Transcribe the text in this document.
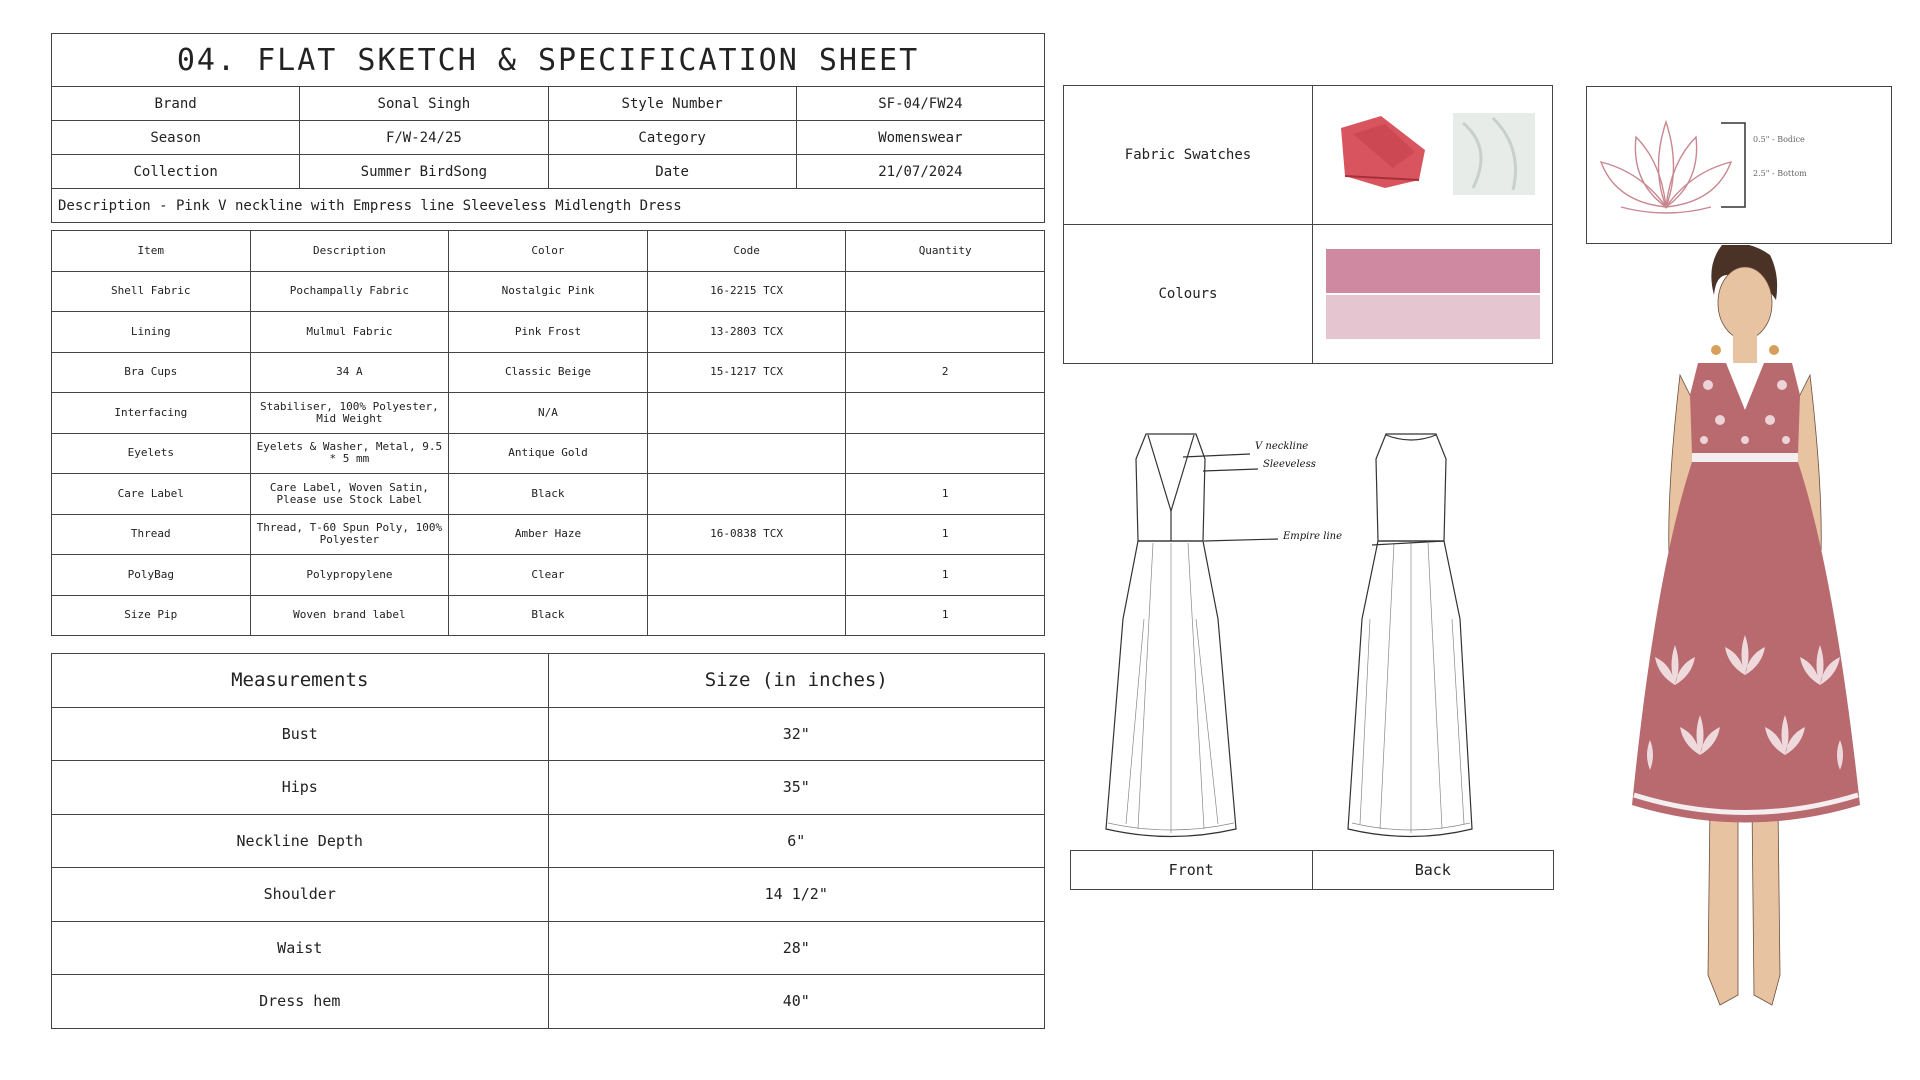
04. FLAT SKETCH & SPECIFICATION SHEET
Brand	Sonal Singh	Style Number	SF-04/FW24
Season	F/W-24/25	Category	Womenswear
Collection	Summer BirdSong	Date	21/07/2024
Description - Pink V neckline with Empress line Sleeveless Midlength Dress			
Item	Description	Color	Code	Quantity
Shell Fabric	Pochampally Fabric	Nostalgic Pink	16-2215 TCX	
Lining	Mulmul Fabric	Pink Frost	13-2803 TCX	
Bra Cups	34 A	Classic Beige	15-1217 TCX	2
Interfacing	Stabiliser, 100% Polyester, Mid Weight	N/A		
Eyelets	Eyelets & Washer, Metal, 9.5 * 5 mm	Antique Gold		
Care Label	Care Label, Woven Satin, Please use Stock Label	Black		1
Thread	Thread, T-60 Spun Poly, 100% Polyester	Amber Haze	16-0838 TCX	1
PolyBag	Polypropylene	Clear		1
Size Pip	Woven brand label	Black		1
Measurements	Size (in inches)
Bust	32"
Hips	35"
Neckline Depth	6"
Shoulder	14 1/2"
Waist	28"
Dress hem	40"
Fabric Swatches	
Colours	
V neckline
Sleeveless
Empire line
Front	Back
0.5" - Bodice
2.5" - Bottom
